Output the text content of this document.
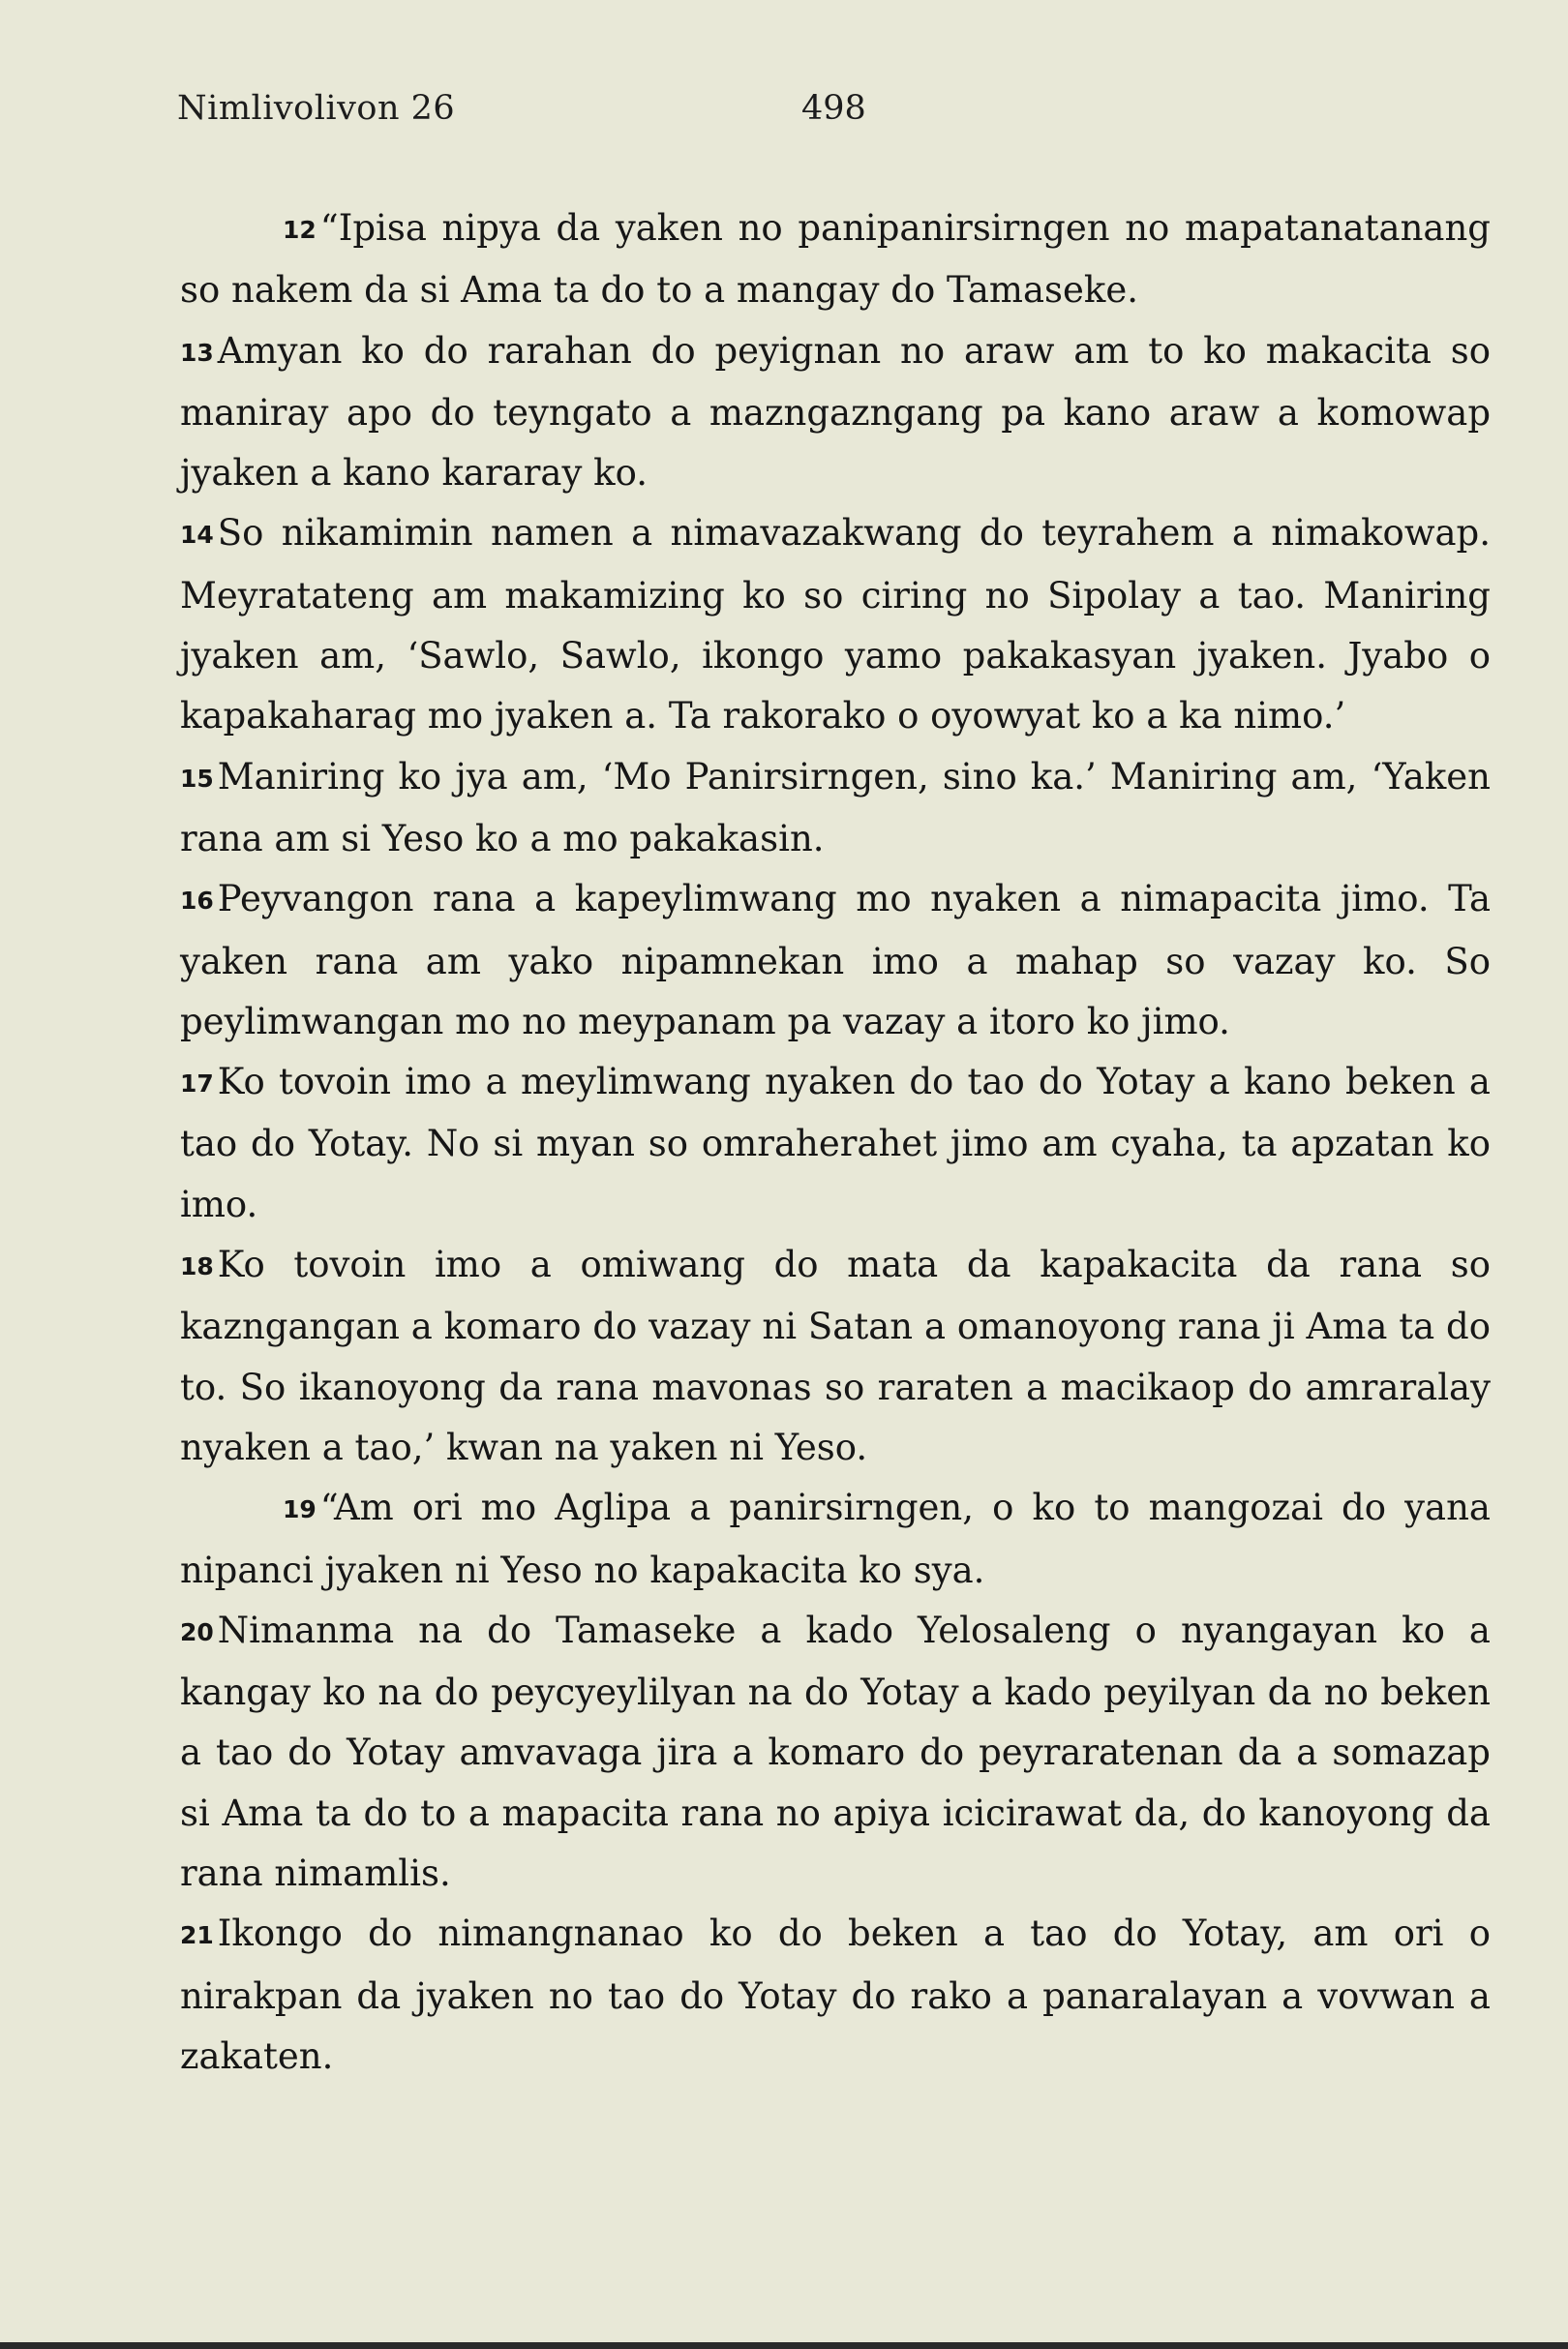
Nimlivolivon 26	498

12 “Ipisa nipya da yaken no panipanirsirngen no mapatanatanang so nakem da si Ama ta do to a mangay do Tamaseke.

13 Amyan ko do rarahan do peyignan no araw am to ko makacita so maniray apo do teyngato a mazngazngang pa kano araw a komowap jyaken a kano kararay ko.

14 So nikamimin namen a nimavazakwang do teyrahem a nimakowap. Meyratateng am makamizing ko so ciring no Sipolay a tao. Maniring jyaken am, ‘Sawlo, Sawlo, ikongo yamo pakakasyan jyaken. Jyabo o kapakaharag mo jyaken a. Ta rakorako o oyowyat ko a ka nimo.’

15 Maniring ko jya am, ‘Mo Panirsirngen, sino ka.’ Maniring am, ‘Yaken rana am si Yeso ko a mo pakakasin.

16 Peyvangon rana a kapeylimwang mo nyaken a nimapacita jimo. Ta yaken rana am yako nipamnekan imo a mahap so vazay ko. So peylimwangan mo no meypanam pa vazay a itoro ko jimo.

17 Ko tovoin imo a meylimwang nyaken do tao do Yotay a kano beken a tao do Yotay. No si myan so omraherahet jimo am cyaha, ta apzatan ko imo.

18 Ko tovoin imo a omiwang do mata da kapakacita da rana so kazngangan a komaro do vazay ni Satan a omanoyong rana ji Ama ta do to. So ikanoyong da rana mavonas so raraten a macikaop do amraralay nyaken a tao,’ kwan na yaken ni Yeso.

19 “Am ori mo Aglipa a panirsirngen, o ko to mangozai do yana nipanci jyaken ni Yeso no kapakacita ko sya.

20 Nimanma na do Tamaseke a kado Yelosaleng o nyangayan ko a kangay ko na do peycyeylilyan na do Yotay a kado peyilyan da no beken a tao do Yotay amvavaga jira a komaro do peyraratenan da a somazap si Ama ta do to a mapacita rana no apiya icicirawat da, do kanoyong da rana nimamlis.

21 Ikongo do nimangnanao ko do beken a tao do Yotay, am ori o nirakpan da jyaken no tao do Yotay do rako a panaralayan a vovwan a zakaten.
